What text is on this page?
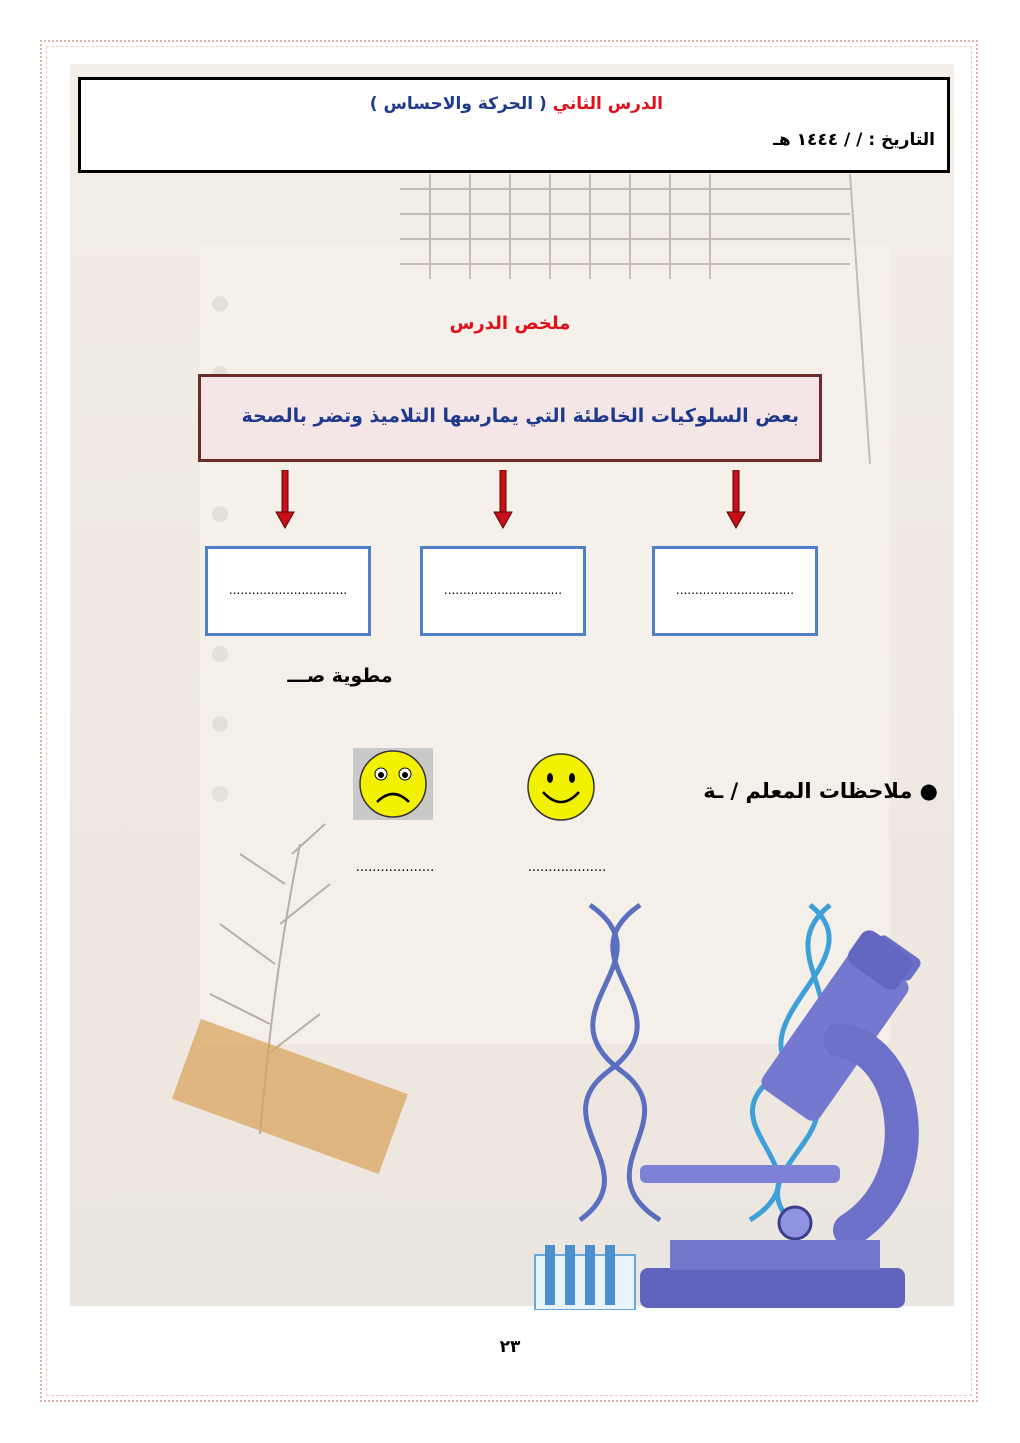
الدرس الثاني ( الحركة والاحساس )
التاريخ : / / ١٤٤٤ هـ
ملخص الدرس
بعض السلوكيات الخاطئة التي يمارسها التلاميذ وتضر بالصحة
...............................
...............................
...............................
مطوية صـــ
● ملاحظات المعلم / ـة
...................
...................
٢٣
